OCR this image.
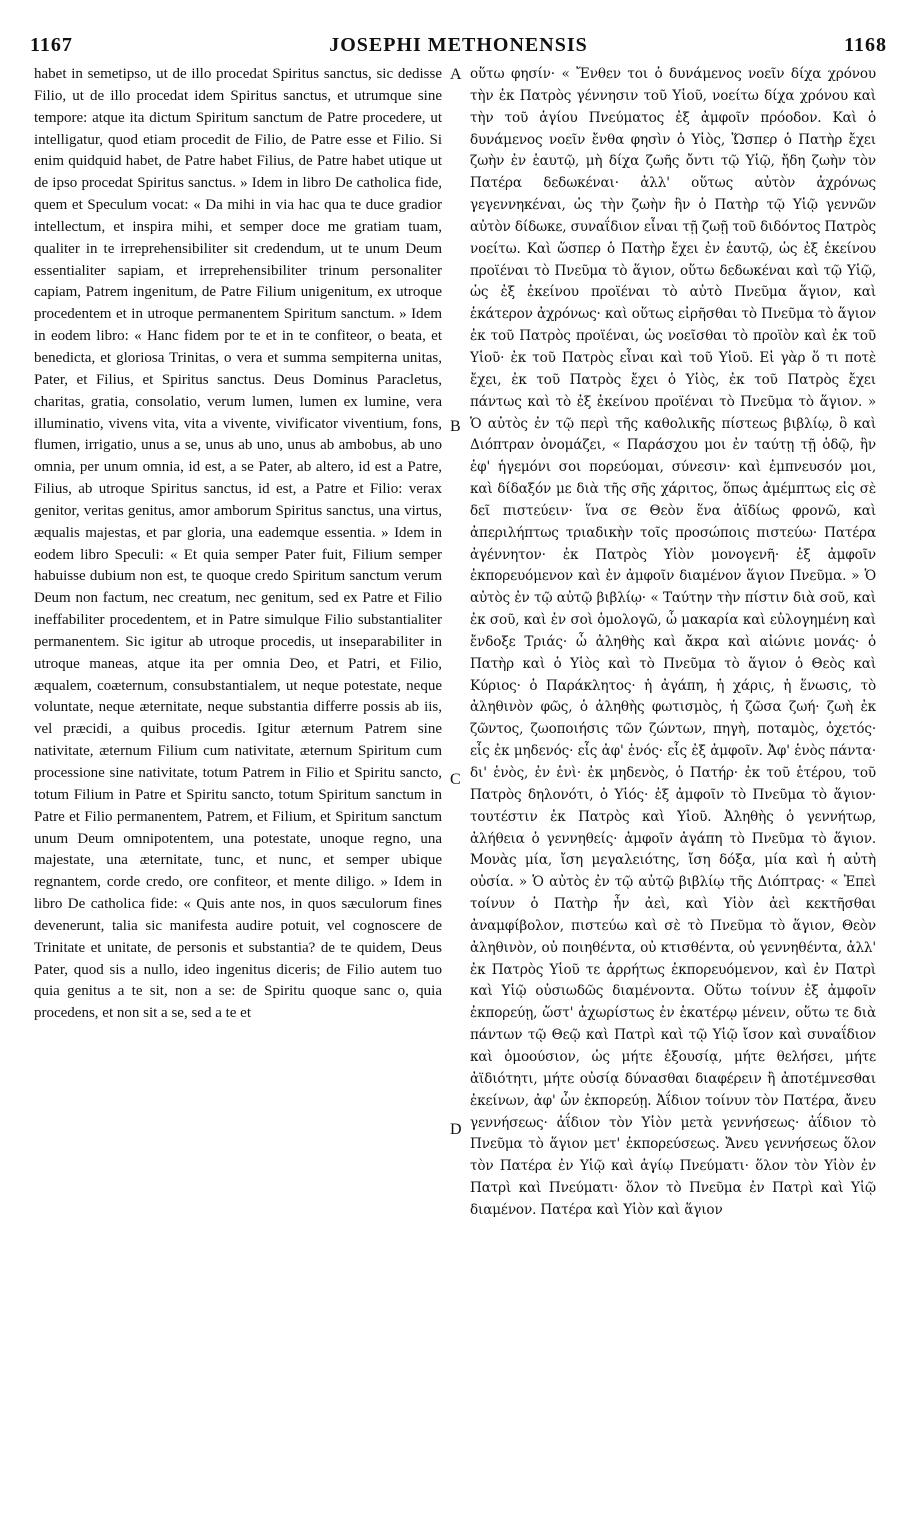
1167	JOSEPHI METHONENSIS	1168

habet in semetipso, ut de illo procedat Spiritus sanctus, sic dedisse Filio, ut de illo procedat idem Spiritus sanctus, et utrumque sine tempore: atque ita dictum Spiritum sanctum de Patre procedere, ut intelligatur, quod etiam procedit de Filio, de Patre esse et Filio. Si enim quidquid habet, de Patre habet Filius, de Patre habet utique ut de ipso procedat Spiritus sanctus. » Idem in libro De catholica fide, quem et Speculum vocat: « Da mihi in via hac qua te duce gradior intellectum, et inspira mihi, et semper doce me gratiam tuam, qualiter in te irreprehensibiliter sit credendum, ut te unum Deum essentialiter sapiam, et irreprehensibiliter trinum personaliter capiam, Patrem ingenitum, de Patre Filium unigenitum, ex utroque procedentem et in utroque permanentem Spiritum sanctum. » Idem in eodem libro: « Hanc fidem por te et in te confiteor, o beata, et benedicta, et gloriosa Trinitas, o vera et summa sempiterna unitas, Pater, et Filius, et Spiritus sanctus. Deus Dominus Paracletus, charitas, gratia, consolatio, verum lumen, lumen ex lumine, vera illuminatio, vivens vita, vita a vivente, vivificator viventium, fons, flumen, irrigatio, unus a se, unus ab uno, unus ab ambobus, ab uno omnia, per unum omnia, id est, a se Pater, ab altero, id est a Patre, Filius, ab utroque Spiritus sanctus, id est, a Patre et Filio: verax genitor, veritas genitus, amor amborum Spiritus sanctus, una virtus, æqualis majestas, et par gloria, una eademque essentia. » Idem in eodem libro Speculi: « Et quia semper Pater fuit, Filium semper habuisse dubium non est, te quoque credo Spiritum sanctum verum Deum non factum, nec creatum, nec genitum, sed ex Patre et Filio ineffabiliter procedentem, et in Patre simulque Filio substantialiter permanentem. Sic igitur ab utroque procedis, ut inseparabiliter in utroque maneas, atque ita per omnia Deo, et Patri, et Filio, æqualem, coæternum, consubstantialem, ut neque potestate, neque voluntate, neque æternitate, neque substantia differre possis ab iis, vel præcidi, a quibus procedis. Igitur æternum Patrem sine nativitate, æternum Filium cum nativitate, æternum Spiritum cum processione sine nativitate, totum Patrem in Filio et Spiritu sancto, totum Filium in Patre et Spiritu sancto, totum Spiritum sanctum in Patre et Filio permanentem, Patrem, et Filium, et Spiritum sanctum unum Deum omnipotentem, una potestate, unoque regno, una majestate, una æternitate, tunc, et nunc, et semper ubique regnantem, corde credo, ore confiteor, et mente diligo. » Idem in libro De catholica fide: « Quis ante nos, in quos sæculorum fines devenerunt, talia sic manifesta audire potuit, vel cognoscere de Trinitate et unitate, de personis et substantia? de te quidem, Deus Pater, quod sis a nullo, ideo ingenitus diceris; de Filio autem tuo quia genitus a te sit, non a se: de Spiritu quoque sanc o, quia procedens, et non sit a se, sed a te et

A
B
C
D

οὕτω φησίν· « Ἔνθεν τοι ὁ δυνάμενος νοεῖν δίχα χρόνου τὴν ἐκ Πατρὸς γέννησιν τοῦ Υἱοῦ, νοείτω δίχα χρόνου καὶ τὴν τοῦ ἁγίου Πνεύματος ἐξ ἀμφοῖν πρόοδον. Καὶ ὁ δυνάμενος νοεῖν ἔνθα φησὶν ὁ Υἱὸς, Ὥσπερ ὁ Πατὴρ ἔχει ζωὴν ἐν ἑαυτῷ, μὴ δίχα ζωῆς ὄντι τῷ Υἱῷ, ἤδη ζωὴν τὸν Πατέρα δεδωκέναι· ἀλλ' οὕτως αὐτὸν ἀχρόνως γεγεννηκέναι, ὡς τὴν ζωὴν ἣν ὁ Πατὴρ τῷ Υἱῷ γεννῶν αὐτὸν δίδωκε, συναΐδιον εἶναι τῇ ζωῇ τοῦ διδόντος Πατρὸς νοείτω. Καὶ ὥσπερ ὁ Πατὴρ ἔχει ἐν ἑαυτῷ, ὡς ἐξ ἐκείνου προϊέναι τὸ Πνεῦμα τὸ ἅγιον, οὕτω δεδωκέναι καὶ τῷ Υἱῷ, ὡς ἐξ ἐκείνου προϊέναι τὸ αὐτὸ Πνεῦμα ἅγιον, καὶ ἑκάτερον ἀχρόνως· καὶ οὕτως εἰρῆσθαι τὸ Πνεῦμα τὸ ἅγιον ἐκ τοῦ Πατρὸς προϊέναι, ὡς νοεῖσθαι τὸ προϊὸν καὶ ἐκ τοῦ Υἱοῦ· ἐκ τοῦ Πατρὸς εἶναι καὶ τοῦ Υἱοῦ. Εἰ γὰρ ὅ τι ποτὲ ἔχει, ἐκ τοῦ Πατρὸς ἔχει ὁ Υἱὸς, ἐκ τοῦ Πατρὸς ἔχει πάντως καὶ τὸ ἐξ ἐκείνου προϊέναι τὸ Πνεῦμα τὸ ἅγιον. » Ὁ αὐτὸς ἐν τῷ περὶ τῆς καθολικῆς πίστεως βιβλίῳ, ὃ καὶ Διόπτραν ὀνομάζει, « Παράσχου μοι ἐν ταύτῃ τῇ ὁδῷ, ἣν ἐφ' ἡγεμόνι σοι πορεύομαι, σύνεσιν· καὶ ἐμπνευσόν μοι, καὶ δίδαξόν με διὰ τῆς σῆς χάριτος, ὅπως ἀμέμπτως εἰς σὲ δεῖ πιστεύειν· ἵνα σε Θεὸν ἕνα ἀϊδίως φρονῶ, καὶ ἀπεριλήπτως τριαδικὴν τοῖς προσώποις πιστεύω· Πατέρα ἀγέννητον· ἐκ Πατρὸς Υἱὸν μονογενῆ· ἐξ ἀμφοῖν ἐκπορευόμενον καὶ ἐν ἀμφοῖν διαμένον ἅγιον Πνεῦμα. » Ὁ αὐτὸς ἐν τῷ αὐτῷ βιβλίῳ· « Ταύτην τὴν πίστιν διὰ σοῦ, καὶ ἐκ σοῦ, καὶ ἐν σοὶ ὁμολογῶ, ὦ μακαρία καὶ εὐλογημένη καὶ ἔνδοξε Τριάς· ὦ ἀληθὴς καὶ ἄκρα καὶ αἰώνιε μονάς· ὁ Πατὴρ καὶ ὁ Υἱὸς καὶ τὸ Πνεῦμα τὸ ἅγιον ὁ Θεὸς καὶ Κύριος· ὁ Παράκλητος· ἡ ἀγάπη, ἡ χάρις, ἡ ἕνωσις, τὸ ἀληθινὸν φῶς, ὁ ἀληθὴς φωτισμὸς, ἡ ζῶσα ζωή· ζωὴ ἐκ ζῶντος, ζωοποιήσις τῶν ζώντων, πηγὴ, ποταμὸς, ὀχετός· εἷς ἐκ μηδενός· εἷς ἀφ' ἑνός· εἷς ἐξ ἀμφοῖν. Ἀφ' ἑνὸς πάντα· δι' ἑνὸς, ἐν ἑνὶ· ἐκ μηδενὸς, ὁ Πατήρ· ἐκ τοῦ ἑτέρου, τοῦ Πατρὸς δηλονότι, ὁ Υἱός· ἐξ ἀμφοῖν τὸ Πνεῦμα τὸ ἅγιον· τουτέστιν ἐκ Πατρὸς καὶ Υἱοῦ. Ἀληθὴς ὁ γεννήτωρ, ἀλήθεια ὁ γεννηθείς· ἀμφοῖν ἀγάπη τὸ Πνεῦμα τὸ ἅγιον. Μονὰς μία, ἴση μεγαλειότης, ἴση δόξα, μία καὶ ἡ αὐτὴ οὐσία. » Ὁ αὐτὸς ἐν τῷ αὐτῷ βιβλίῳ τῆς Διόπτρας· « Ἐπεὶ τοίνυν ὁ Πατὴρ ἦν ἀεὶ, καὶ Υἱὸν ἀεὶ κεκτῆσθαι ἀναμφίβολον, πιστεύω καὶ σὲ τὸ Πνεῦμα τὸ ἅγιον, Θεὸν ἀληθινὸν, οὐ ποιηθέντα, οὐ κτισθέντα, οὐ γεννηθέντα, ἀλλ' ἐκ Πατρὸς Υἱοῦ τε ἀρρήτως ἐκπορευόμενον, καὶ ἐν Πατρὶ καὶ Υἱῷ οὐσιωδῶς διαμένοντα. Οὕτω τοίνυν ἐξ ἀμφοῖν ἐκπορεύῃ, ὥστ' ἀχωρίστως ἐν ἑκατέρῳ μένειν, οὕτω τε διὰ πάντων τῷ Θεῷ καὶ Πατρὶ καὶ τῷ Υἱῷ ἴσον καὶ συναΐδιον καὶ ὁμοούσιον, ὡς μήτε ἐξουσίᾳ, μήτε θελήσει, μήτε ἀϊδιότητι, μήτε οὐσίᾳ δύνασθαι διαφέρειν ἢ ἀποτέμνεσθαι ἐκείνων, ἀφ' ὧν ἐκπορεύῃ. Ἀΐδιον τοίνυν τὸν Πατέρα, ἄνευ γεννήσεως· ἀΐδιον τὸν Υἱὸν μετὰ γεννήσεως· ἀΐδιον τὸ Πνεῦμα τὸ ἅγιον μετ' ἐκπορεύσεως. Ἄνευ γεννήσεως ὅλον τὸν Πατέρα ἐν Υἱῷ καὶ ἁγίῳ Πνεύματι· ὅλον τὸν Υἱὸν ἐν Πατρὶ καὶ Πνεύματι· ὅλον τὸ Πνεῦμα ἐν Πατρὶ καὶ Υἱῷ διαμένον. Πατέρα καὶ Υἱὸν καὶ ἅγιον
